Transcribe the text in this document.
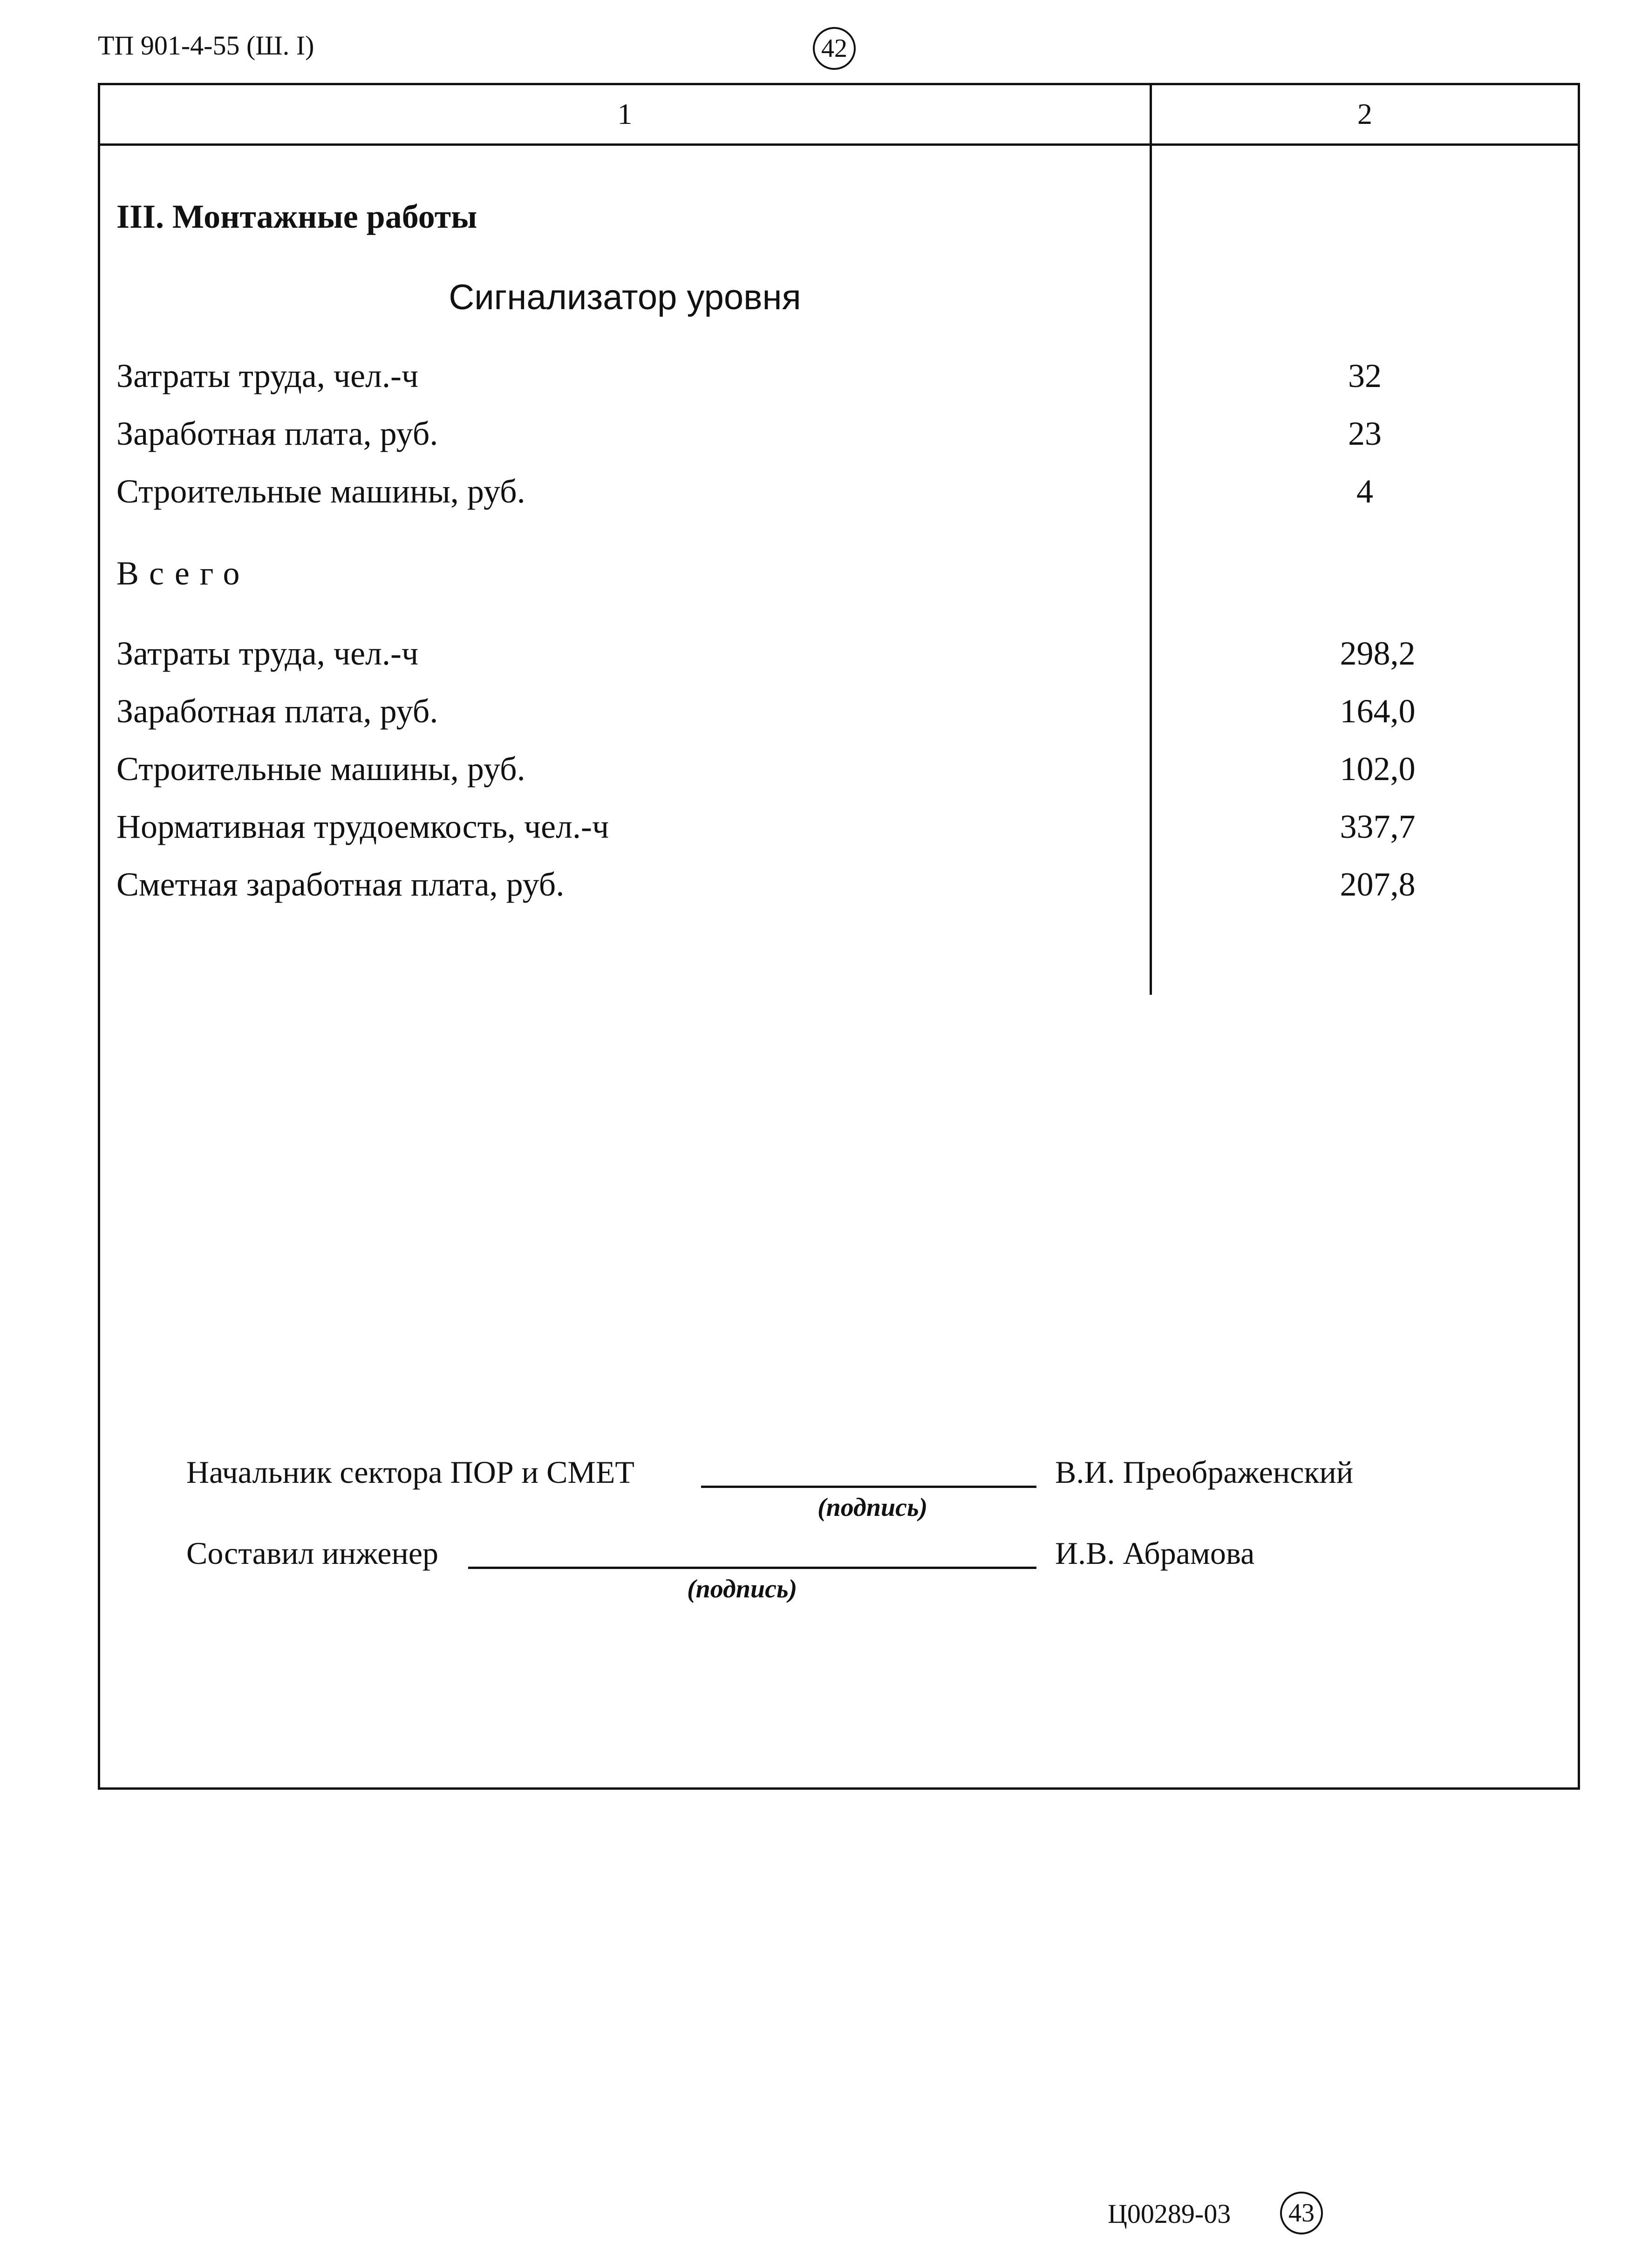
ТП 901-4-55 (Ш. I)	42
1	2
III. Монтажные работы
Сигнализатор уровня
Затраты труда, чел.-ч	32
Заработная плата, руб.	23
Строительные машины, руб.	4
Всего
Затраты труда, чел.-ч	298,2
Заработная плата, руб.	164,0
Строительные машины, руб.	102,0
Нормативная трудоемкость, чел.-ч	337,7
Сметная заработная плата, руб.	207,8
Начальник сектора ПОР и СМЕТ
(подпись)
В.И. Преображенский
Составил инженер
(подпись)
И.В. Абрамова
Ц00289-03 43
